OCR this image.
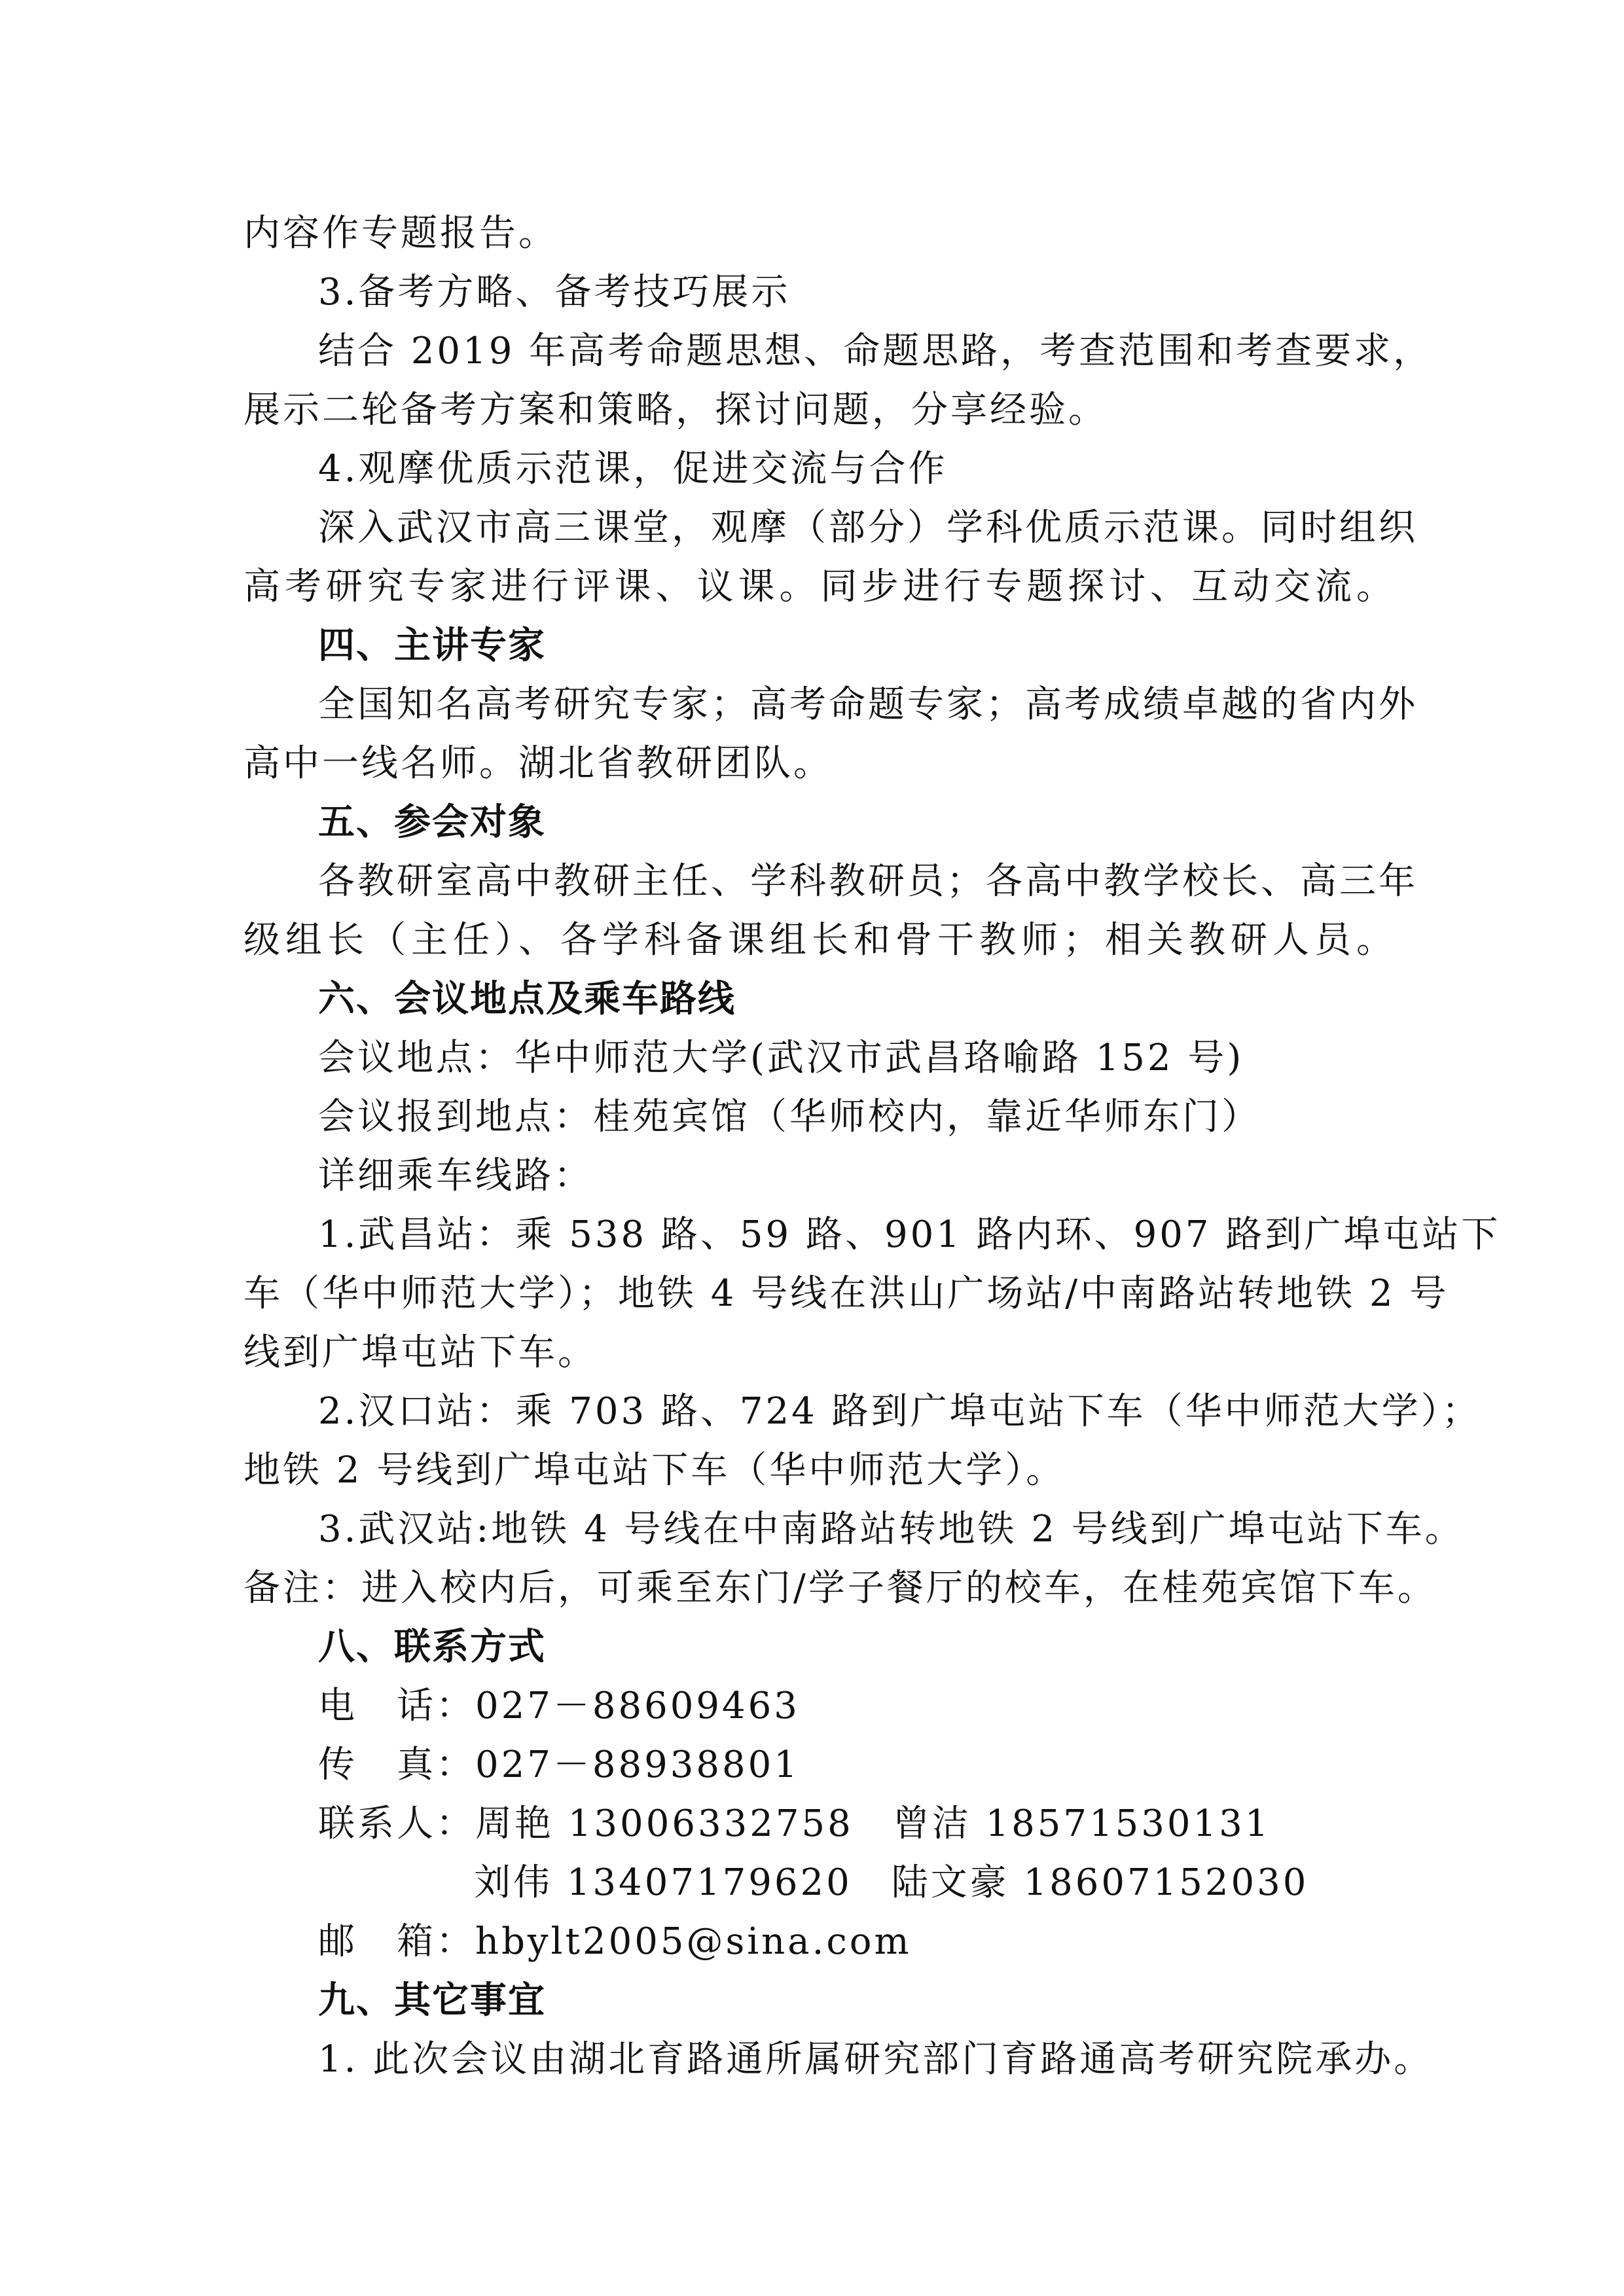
内容作专题报告。
3.备考方略、备考技巧展示
结合 2019 年高考命题思想、命题思路，考查范围和考查要求，
展示二轮备考方案和策略，探讨问题，分享经验。
4.观摩优质示范课，促进交流与合作
深入武汉市高三课堂，观摩（部分）学科优质示范课。同时组织
高考研究专家进行评课、议课。同步进行专题探讨、互动交流。
四、主讲专家
全国知名高考研究专家；高考命题专家；高考成绩卓越的省内外
高中一线名师。湖北省教研团队。
五、参会对象
各教研室高中教研主任、学科教研员；各高中教学校长、高三年
级组长（主任）、各学科备课组长和骨干教师；相关教研人员。
六、会议地点及乘车路线
会议地点：华中师范大学(武汉市武昌珞喻路 152 号)
会议报到地点：桂苑宾馆（华师校内，靠近华师东门）
详细乘车线路：
1.武昌站：乘 538 路、59 路、901 路内环、907 路到广埠屯站下
车（华中师范大学）；地铁 4 号线在洪山广场站/中南路站转地铁 2 号
线到广埠屯站下车。
2.汉口站：乘 703 路、724 路到广埠屯站下车（华中师范大学）；
地铁 2 号线到广埠屯站下车（华中师范大学）。
3.武汉站:地铁 4 号线在中南路站转地铁 2 号线到广埠屯站下车。
备注：进入校内后，可乘至东门/学子餐厅的校车，在桂苑宾馆下车。
八、联系方式
电　话：027－88609463
传　真：027－88938801
联系人：周艳 13006332758　曾洁 18571530131
刘伟 13407179620　陆文豪 18607152030
邮　箱：hbylt2005@sina.com
九、其它事宜
1. 此次会议由湖北育路通所属研究部门育路通高考研究院承办。
